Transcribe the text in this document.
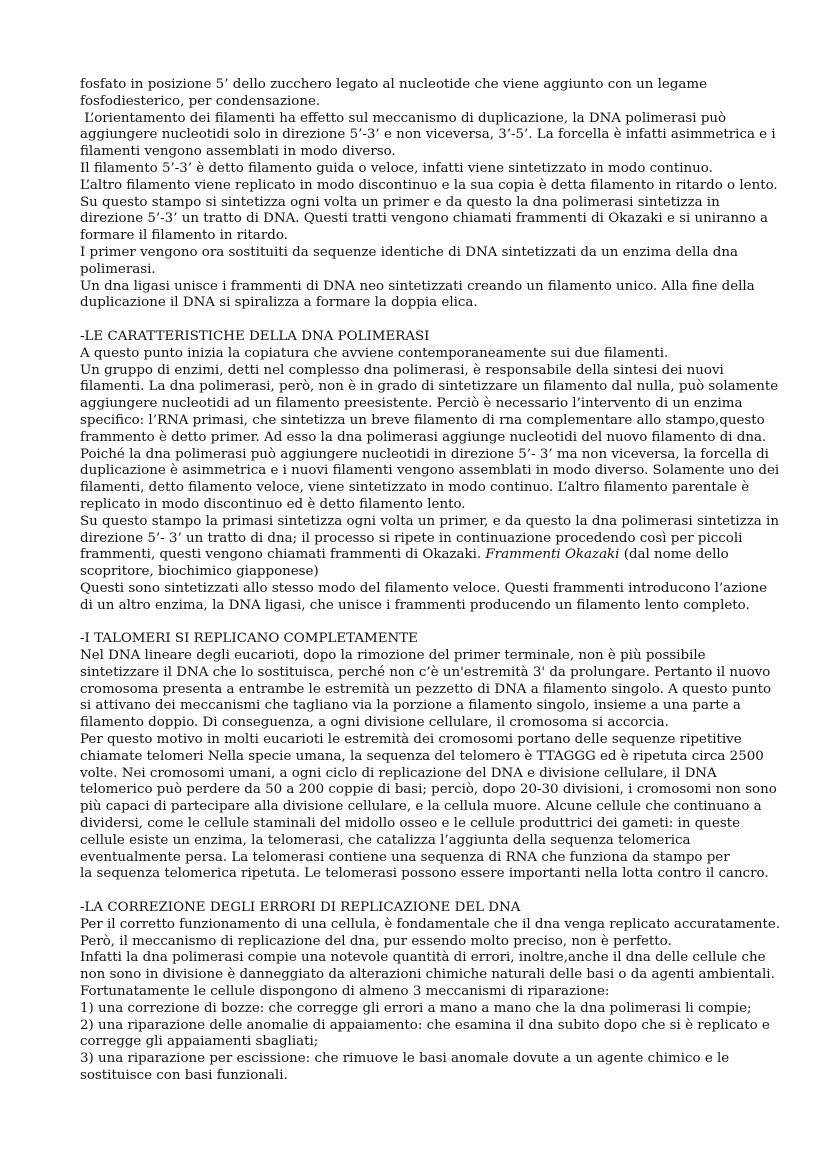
fosfato in posizione 5’ dello zucchero legato al nucleotide che viene aggiunto con un legame
fosfodiesterico, per condensazione.
L’orientamento dei filamenti ha effetto sul meccanismo di duplicazione, la DNA polimerasi può
aggiungere nucleotidi solo in direzione 5’-3’ e non viceversa, 3’-5’. La forcella è infatti asimmetrica e i
filamenti vengono assemblati in modo diverso.
Il filamento 5’-3’ è detto filamento guida o veloce, infatti viene sintetizzato in modo continuo.
L’altro filamento viene replicato in modo discontinuo e la sua copia è detta filamento in ritardo o lento.
Su questo stampo si sintetizza ogni volta un primer e da questo la dna polimerasi sintetizza in
direzione 5’-3’ un tratto di DNA. Questi tratti vengono chiamati frammenti di Okazaki e si uniranno a
formare il filamento in ritardo.
I primer vengono ora sostituiti da sequenze identiche di DNA sintetizzati da un enzima della dna
polimerasi.
Un dna ligasi unisce i frammenti di DNA neo sintetizzati creando un filamento unico. Alla fine della
duplicazione il DNA si spiralizza a formare la doppia elica.
-LE CARATTERISTICHE DELLA DNA POLIMERASI
A questo punto inizia la copiatura che avviene contemporaneamente sui due filamenti.
Un gruppo di enzimi, detti nel complesso dna polimerasi, è responsabile della sintesi dei nuovi
filamenti. La dna polimerasi, però, non è in grado di sintetizzare un filamento dal nulla, può solamente
aggiungere nucleotidi ad un filamento preesistente. Perciò è necessario l’intervento di un enzima
specifico: l’RNA primasi, che sintetizza un breve filamento di rna complementare allo stampo,questo
frammento è detto primer. Ad esso la dna polimerasi aggiunge nucleotidi del nuovo filamento di dna.
Poiché la dna polimerasi può aggiungere nucleotidi in direzione 5’- 3’ ma non viceversa, la forcella di
duplicazione è asimmetrica e i nuovi filamenti vengono assemblati in modo diverso. Solamente uno dei
filamenti, detto filamento veloce, viene sintetizzato in modo continuo. L’altro filamento parentale è
replicato in modo discontinuo ed è detto filamento lento.
Su questo stampo la primasi sintetizza ogni volta un primer, e da questo la dna polimerasi sintetizza in
direzione 5’- 3’ un tratto di dna; il processo si ripete in continuazione procedendo così per piccoli
frammenti, questi vengono chiamati frammenti di Okazaki. Frammenti Okazaki (dal nome dello
scopritore, biochimico giapponese)
Questi sono sintetizzati allo stesso modo del filamento veloce. Questi frammenti introducono l’azione
di un altro enzima, la DNA ligasi, che unisce i frammenti producendo un filamento lento completo.
-I TALOMERI SI REPLICANO COMPLETAMENTE
Nel DNA lineare degli eucarioti, dopo la rimozione del primer terminale, non è più possibile
sintetizzare il DNA che lo sostituisca, perché non c’è un'estremità 3' da prolungare. Pertanto il nuovo
cromosoma presenta a entrambe le estremità un pezzetto di DNA a filamento singolo. A questo punto
si attivano dei meccanismi che tagliano via la porzione a filamento singolo, insieme a una parte a
filamento doppio. Di conseguenza, a ogni divisione cellulare, il cromosoma si accorcia.
Per questo motivo in molti eucarioti le estremità dei cromosomi portano delle sequenze ripetitive
chiamate telomeri Nella specie umana, la sequenza del telomero è TTAGGG ed è ripetuta circa 2500
volte. Nei cromosomi umani, a ogni ciclo di replicazione del DNA e divisione cellulare, il DNA
telomerico può perdere da 50 a 200 coppie di basi; perciò, dopo 20-30 divisioni, i cromosomi non sono
più capaci di partecipare alla divisione cellulare, e la cellula muore. Alcune cellule che continuano a
dividersi, come le cellule staminali del midollo osseo e le cellule produttrici dei gameti: in queste
cellule esiste un enzima, la telomerasi, che catalizza l’aggiunta della sequenza telomerica
eventualmente persa. La telomerasi contiene una sequenza di RNA che funziona da stampo per
la sequenza telomerica ripetuta. Le telomerasi possono essere importanti nella lotta contro il cancro.
-LA CORREZIONE DEGLI ERRORI DI REPLICAZIONE DEL DNA
Per il corretto funzionamento di una cellula, è fondamentale che il dna venga replicato accuratamente.
Però, il meccanismo di replicazione del dna, pur essendo molto preciso, non è perfetto.
Infatti la dna polimerasi compie una notevole quantità di errori, inoltre,anche il dna delle cellule che
non sono in divisione è danneggiato da alterazioni chimiche naturali delle basi o da agenti ambientali.
Fortunatamente le cellule dispongono di almeno 3 meccanismi di riparazione:
1) una correzione di bozze: che corregge gli errori a mano a mano che la dna polimerasi li compie;
2) una riparazione delle anomalie di appaiamento: che esamina il dna subito dopo che si è replicato e
corregge gli appaiamenti sbagliati;
3) una riparazione per escissione: che rimuove le basi anomale dovute a un agente chimico e le
sostituisce con basi funzionali.
